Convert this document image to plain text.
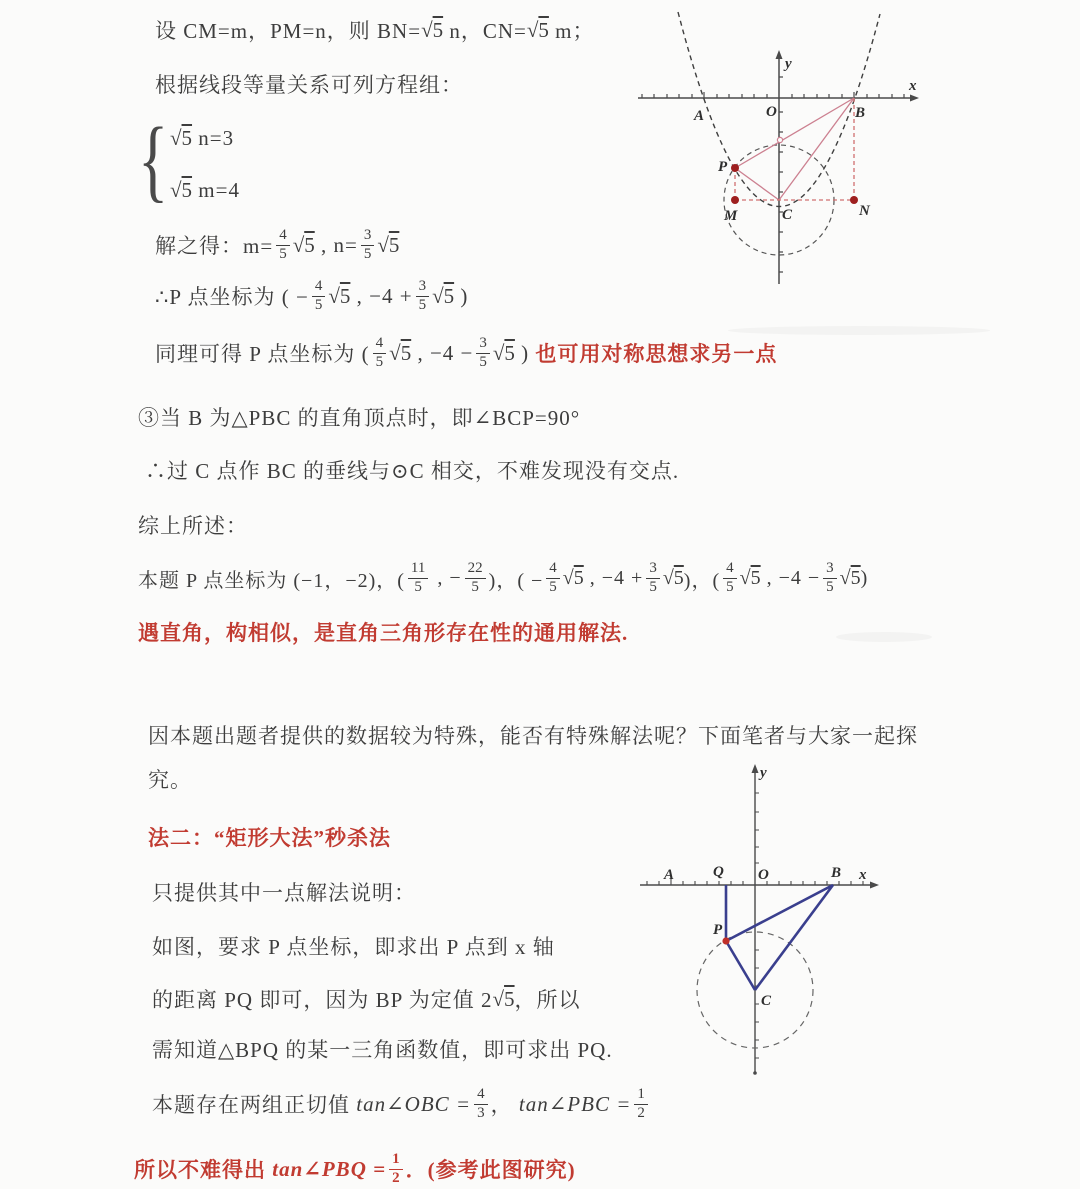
设 CM=m，PM=n，则 BN= √5 n，CN= √5 m；
根据线段等量关系可列方程组：
{ √5 n=3
√5 m=4
解之得：$m= \frac{4}{5} √5$ , $n= \frac{3}{5} √5$
∴P 点坐标为 ( − $\frac{4}{5} √5$ , $-4 + \frac{3}{5} √5$ )
同理可得 P 点坐标为 ( $\frac{4}{5} √5$ , $-4 - \frac{3}{5} √5$ ) 也可用对称思想求另一点
③当 B 为△PBC 的直角顶点时，即∠BCP=90°
∴过 C 点作 BC 的垂线与⊙C 相交，不难发现没有交点.
综上所述：
本题 P 点坐标为 (−1，−2)，( $\frac{11}{5}$ , − $\frac{22}{5}$ )，( − $\frac{4}{5} √5$ , $-4 + \frac{3}{5} √5$ )，( $\frac{4}{5} √5$ , $-4 - \frac{3}{5} √5$ )
遇直角，构相似，是直角三角形存在性的通用解法.
因本题出题者提供的数据较为特殊，能否有特殊解法呢？下面笔者与大家一起探
究。
法二：“矩形大法”秒杀法
只提供其中一点解法说明：
如图，要求 P 点坐标，即求出 P 点到 x 轴
的距离 PQ 即可，因为 BP 为定值 2 √5 ，所以
需知道△BPQ 的某一三角函数值，即可求出 PQ.
本题存在两组正切值 tan∠OBC = $\frac{4}{3}$ ， tan∠PBC = $\frac{1}{2}$
所以不难得出 tan∠PBQ = $\frac{1}{2}$ ．(参考此图研究)
y
x
O
A	B
P
M	C	N
y
x
A	Q O	B
P
C
